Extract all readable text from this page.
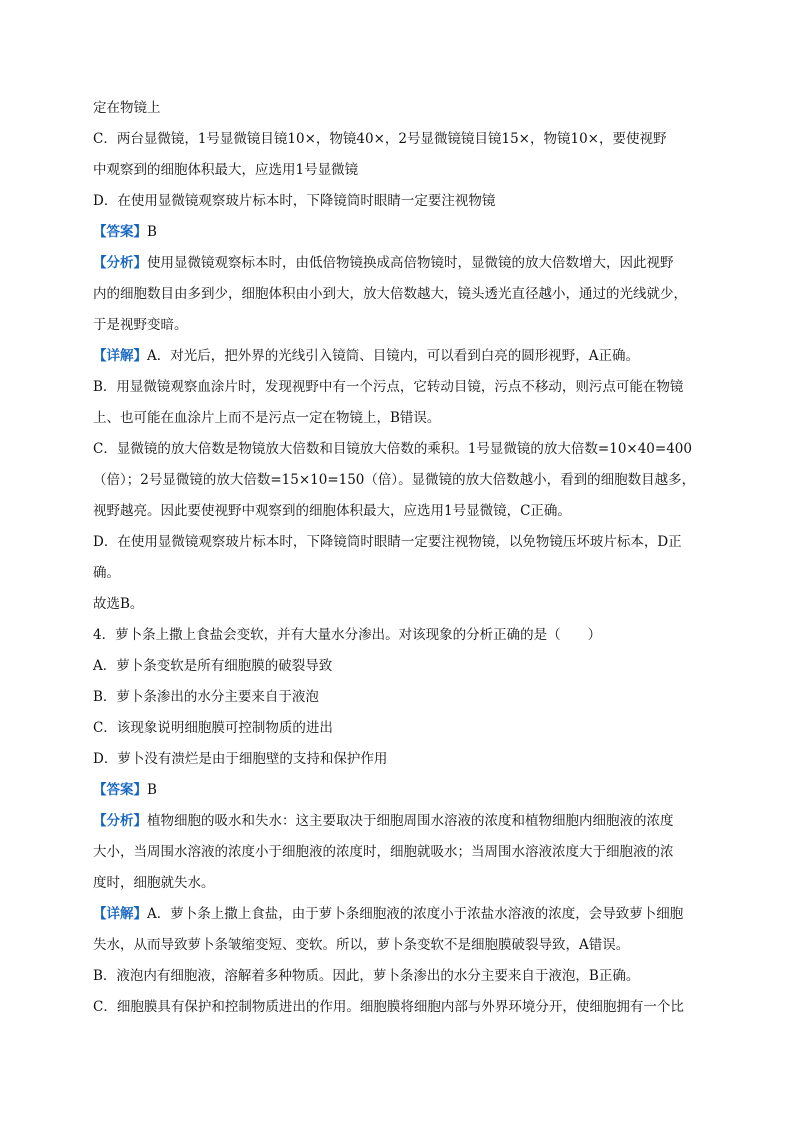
定在物镜上
C．两台显微镜，1号显微镜目镜10×，物镜40×，2号显微镜镜目镜15×，物镜10×，要使视野
中观察到的细胞体积最大，应选用1号显微镜
D．在使用显微镜观察玻片标本时，下降镜筒时眼睛一定要注视物镜
【答案】B
【分析】使用显微镜观察标本时，由低倍物镜换成高倍物镜时，显微镜的放大倍数增大，因此视野
内的细胞数目由多到少，细胞体积由小到大，放大倍数越大，镜头透光直径越小，通过的光线就少，
于是视野变暗。
【详解】A．对光后，把外界的光线引入镜筒、目镜内，可以看到白亮的圆形视野，A正确。
B．用显微镜观察血涂片时，发现视野中有一个污点，它转动目镜，污点不移动，则污点可能在物镜
上、也可能在血涂片上而不是污点一定在物镜上，B错误。
C．显微镜的放大倍数是物镜放大倍数和目镜放大倍数的乘积。1号显微镜的放大倍数=10×40=400
（倍）；2号显微镜的放大倍数=15×10=150（倍）。显微镜的放大倍数越小，看到的细胞数目越多，
视野越亮。因此要使视野中观察到的细胞体积最大，应选用1号显微镜，C正确。
D．在使用显微镜观察玻片标本时，下降镜筒时眼睛一定要注视物镜，以免物镜压坏玻片标本，D正
确。
故选B。
4．萝卜条上撒上食盐会变软，并有大量水分渗出。对该现象的分析正确的是（　　）
A．萝卜条变软是所有细胞膜的破裂导致
B．萝卜条渗出的水分主要来自于液泡
C．该现象说明细胞膜可控制物质的进出
D．萝卜没有溃烂是由于细胞壁的支持和保护作用
【答案】B
【分析】植物细胞的吸水和失水：这主要取决于细胞周围水溶液的浓度和植物细胞内细胞液的浓度
大小，当周围水溶液的浓度小于细胞液的浓度时，细胞就吸水；当周围水溶液浓度大于细胞液的浓
度时，细胞就失水。
【详解】A．萝卜条上撒上食盐，由于萝卜条细胞液的浓度小于浓盐水溶液的浓度，会导致萝卜细胞
失水，从而导致萝卜条皱缩变短、变软。所以，萝卜条变软不是细胞膜破裂导致，A错误。
B．液泡内有细胞液，溶解着多种物质。因此，萝卜条渗出的水分主要来自于液泡，B正确。
C．细胞膜具有保护和控制物质进出的作用。细胞膜将细胞内部与外界环境分开，使细胞拥有一个比
